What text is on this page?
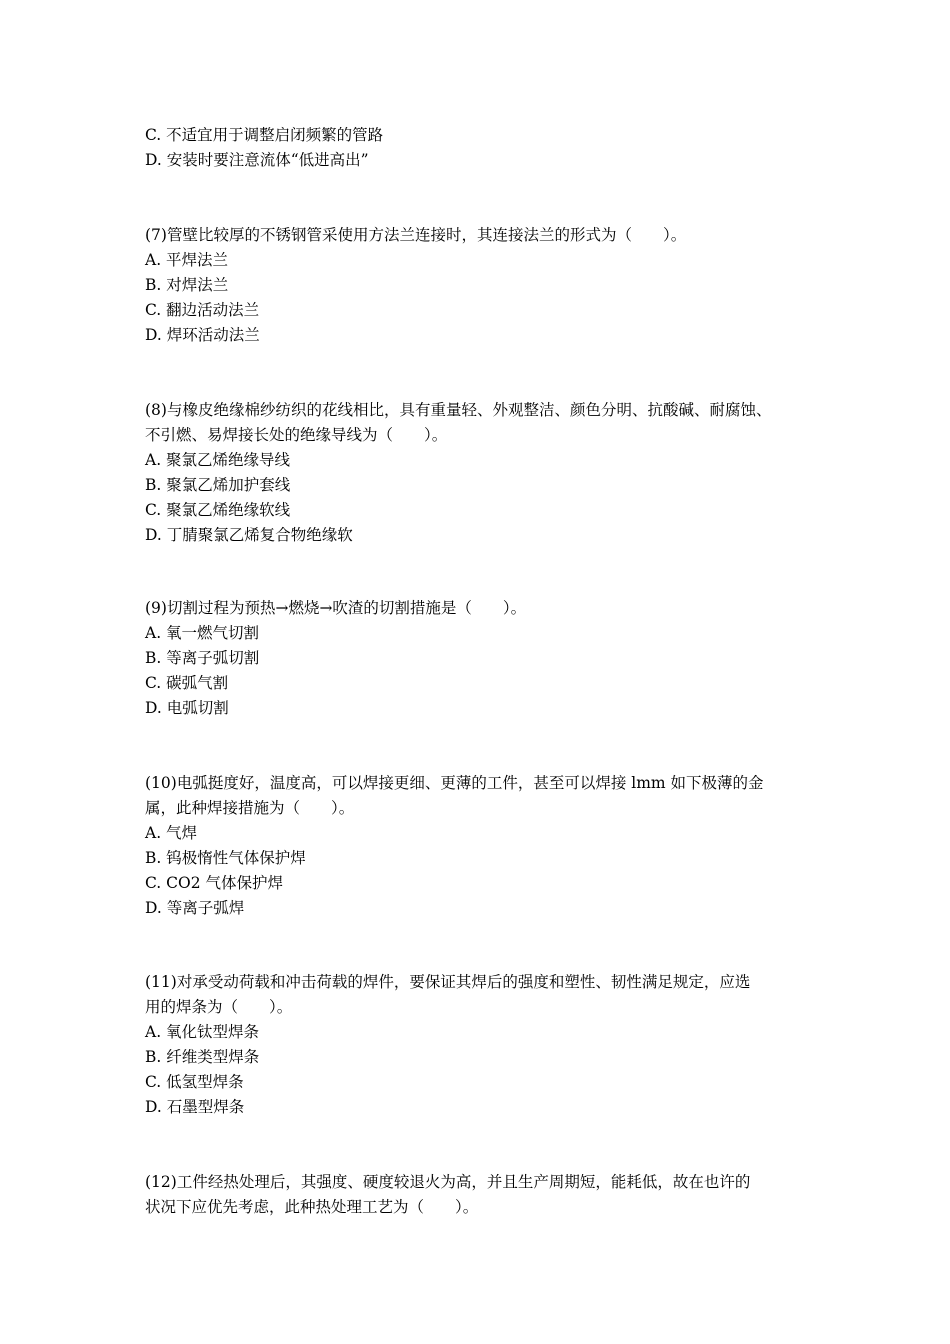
C. 不适宜用于调整启闭频繁的管路
D. 安装时要注意流体“低进高出”
(7)管壁比较厚的不锈钢管采使用方法兰连接时，其连接法兰的形式为（　　）。
A. 平焊法兰
B. 对焊法兰
C. 翻边活动法兰
D. 焊环活动法兰
(8)与橡皮绝缘棉纱纺织的花线相比，具有重量轻、外观整洁、颜色分明、抗酸碱、耐腐蚀、
不引燃、易焊接长处的绝缘导线为（　　）。
A. 聚氯乙烯绝缘导线
B. 聚氯乙烯加护套线
C. 聚氯乙烯绝缘软线
D. 丁腈聚氯乙烯复合物绝缘软
(9)切割过程为预热→燃烧→吹渣的切割措施是（　　）。
A. 氧一燃气切割
B. 等离子弧切割
C. 碳弧气割
D. 电弧切割
(10)电弧挺度好，温度高，可以焊接更细、更薄的工件，甚至可以焊接 lmm 如下极薄的金
属，此种焊接措施为（　　）。
A. 气焊
B. 钨极惰性气体保护焊
C. CO2 气体保护焊
D. 等离子弧焊
(11)对承受动荷载和冲击荷载的焊件，要保证其焊后的强度和塑性、韧性满足规定，应选
用的焊条为（　　）。
A. 氧化钛型焊条
B. 纤维类型焊条
C. 低氢型焊条
D. 石墨型焊条
(12)工件经热处理后，其强度、硬度较退火为高，并且生产周期短，能耗低，故在也许的
状况下应优先考虑，此种热处理工艺为（　　）。
